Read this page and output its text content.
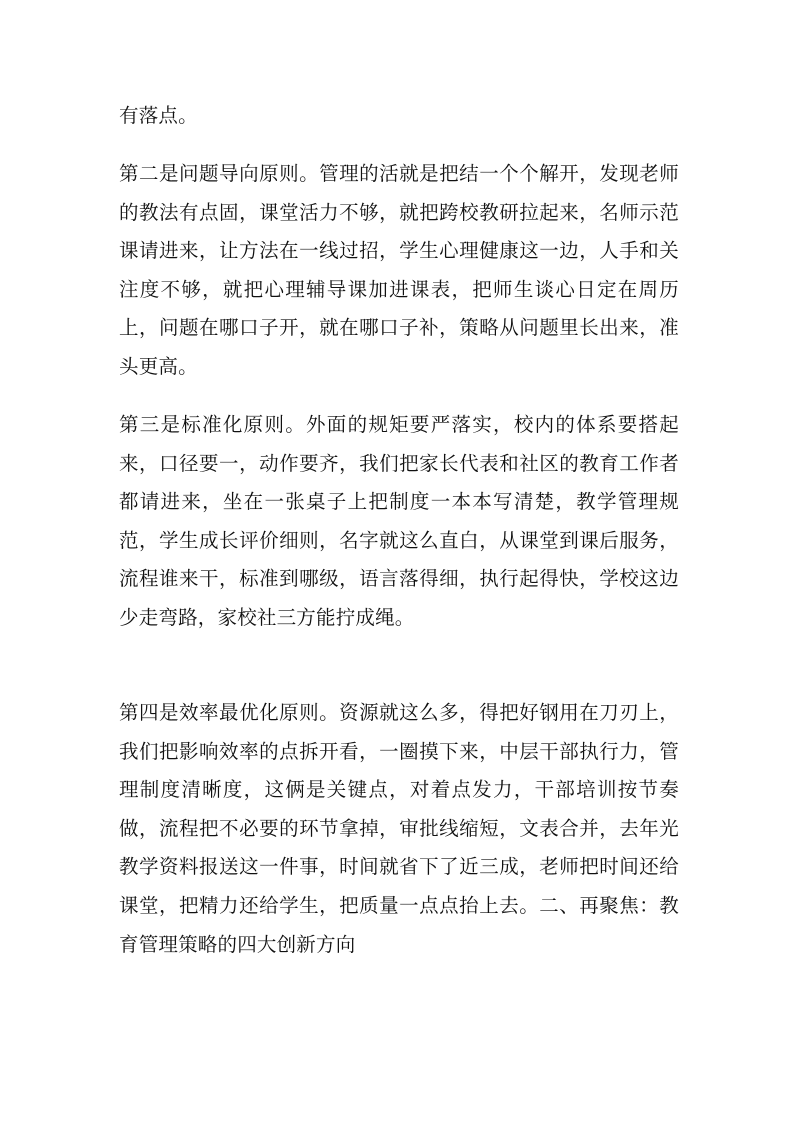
有落点。

第二是问题导向原则。管理的活就是把结一个个解开，发现老师的教法有点固，课堂活力不够，就把跨校教研拉起来，名师示范课请进来，让方法在一线过招，学生心理健康这一边，人手和关注度不够，就把心理辅导课加进课表，把师生谈心日定在周历上，问题在哪口子开，就在哪口子补，策略从问题里长出来，准头更高。

第三是标准化原则。外面的规矩要严落实，校内的体系要搭起来，口径要一，动作要齐，我们把家长代表和社区的教育工作者都请进来，坐在一张桌子上把制度一本本写清楚，教学管理规范，学生成长评价细则，名字就这么直白，从课堂到课后服务，流程谁来干，标准到哪级，语言落得细，执行起得快，学校这边少走弯路，家校社三方能拧成绳。

第四是效率最优化原则。资源就这么多，得把好钢用在刀刃上，我们把影响效率的点拆开看，一圈摸下来，中层干部执行力，管理制度清晰度，这俩是关键点，对着点发力，干部培训按节奏做，流程把不必要的环节拿掉，审批线缩短，文表合并，去年光教学资料报送这一件事，时间就省下了近三成，老师把时间还给课堂，把精力还给学生，把质量一点点抬上去。二、再聚焦：教育管理策略的四大创新方向
